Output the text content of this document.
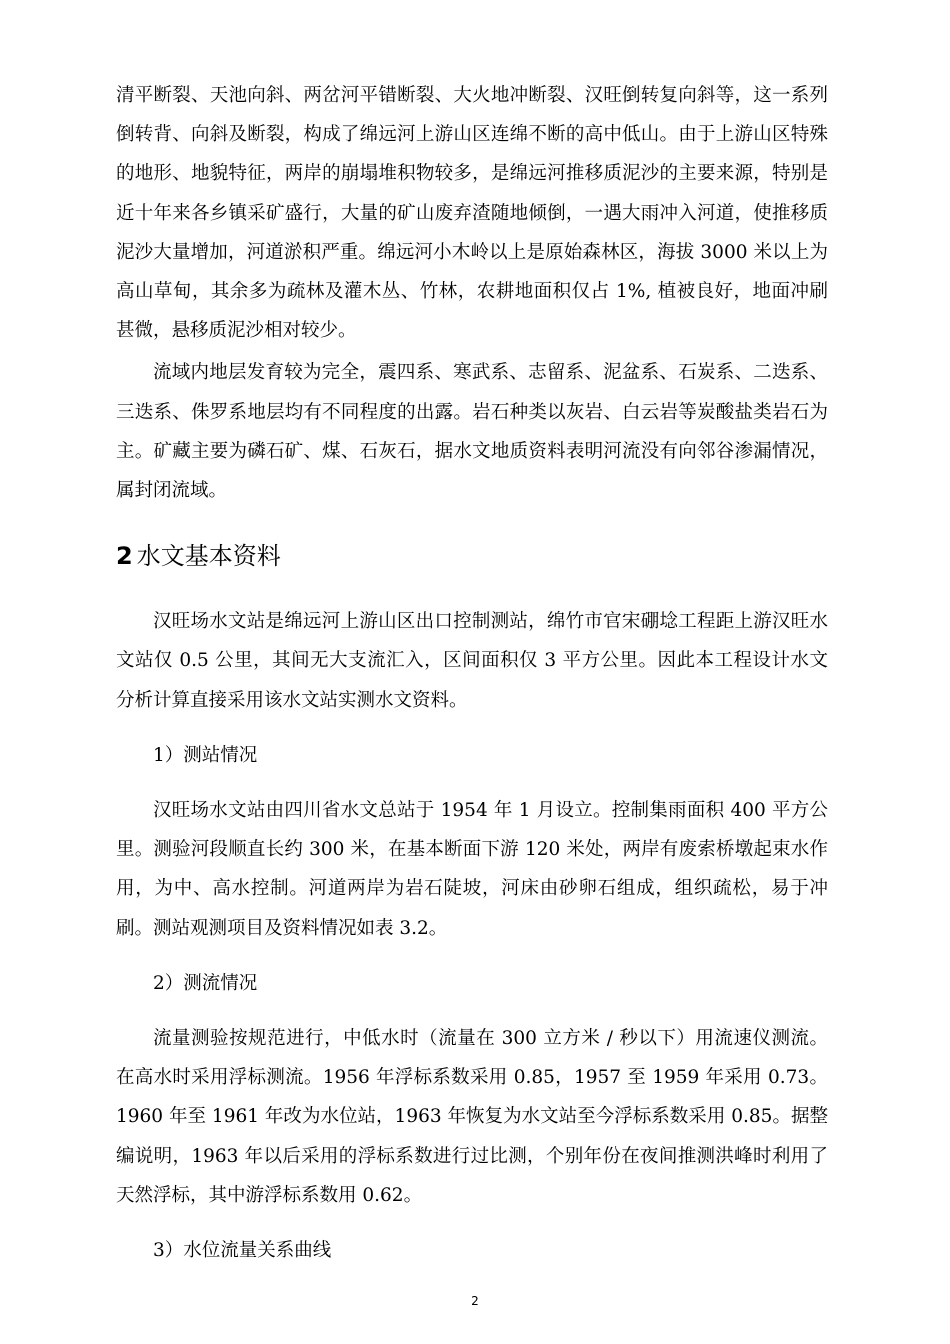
清平断裂、天池向斜、两岔河平错断裂、大火地冲断裂、汉旺倒转复向斜等，这一系列倒转背、向斜及断裂，构成了绵远河上游山区连绵不断的高中低山。由于上游山区特殊的地形、地貌特征，两岸的崩塌堆积物较多，是绵远河推移质泥沙的主要来源，特别是近十年来各乡镇采矿盛行，大量的矿山废弃渣随地倾倒，一遇大雨冲入河道，使推移质泥沙大量增加，河道淤积严重。绵远河小木岭以上是原始森林区，海拔 3000 米以上为高山草甸，其余多为疏林及灌木丛、竹林，农耕地面积仅占 1%, 植被良好，地面冲刷甚微，悬移质泥沙相对较少。

流域内地层发育较为完全，震四系、寒武系、志留系、泥盆系、石炭系、二迭系、三迭系、侏罗系地层均有不同程度的出露。岩石种类以灰岩、白云岩等炭酸盐类岩石为主。矿藏主要为磷石矿、煤、石灰石，据水文地质资料表明河流没有向邻谷渗漏情况，属封闭流域。

2 水文基本资料

汉旺场水文站是绵远河上游山区出口控制测站，绵竹市官宋硼埝工程距上游汉旺水文站仅 0.5 公里，其间无大支流汇入，区间面积仅 3 平方公里。因此本工程设计水文分析计算直接采用该水文站实测水文资料。

1）测站情况

汉旺场水文站由四川省水文总站于 1954 年 1 月设立。控制集雨面积 400 平方公里。测验河段顺直长约 300 米，在基本断面下游 120 米处，两岸有废索桥墩起束水作用，为中、高水控制。河道两岸为岩石陡坡，河床由砂卵石组成，组织疏松，易于冲刷。测站观测项目及资料情况如表 3.2。

2）测流情况

流量测验按规范进行，中低水时（流量在 300 立方米 / 秒以下）用流速仪测流。在高水时采用浮标测流。1956 年浮标系数采用 0.85，1957 至 1959 年采用 0.73。1960 年至 1961 年改为水位站，1963 年恢复为水文站至今浮标系数采用 0.85。据整编说明，1963 年以后采用的浮标系数进行过比测，个别年份在夜间推测洪峰时利用了天然浮标，其中游浮标系数用 0.62。

3）水位流量关系曲线

2
